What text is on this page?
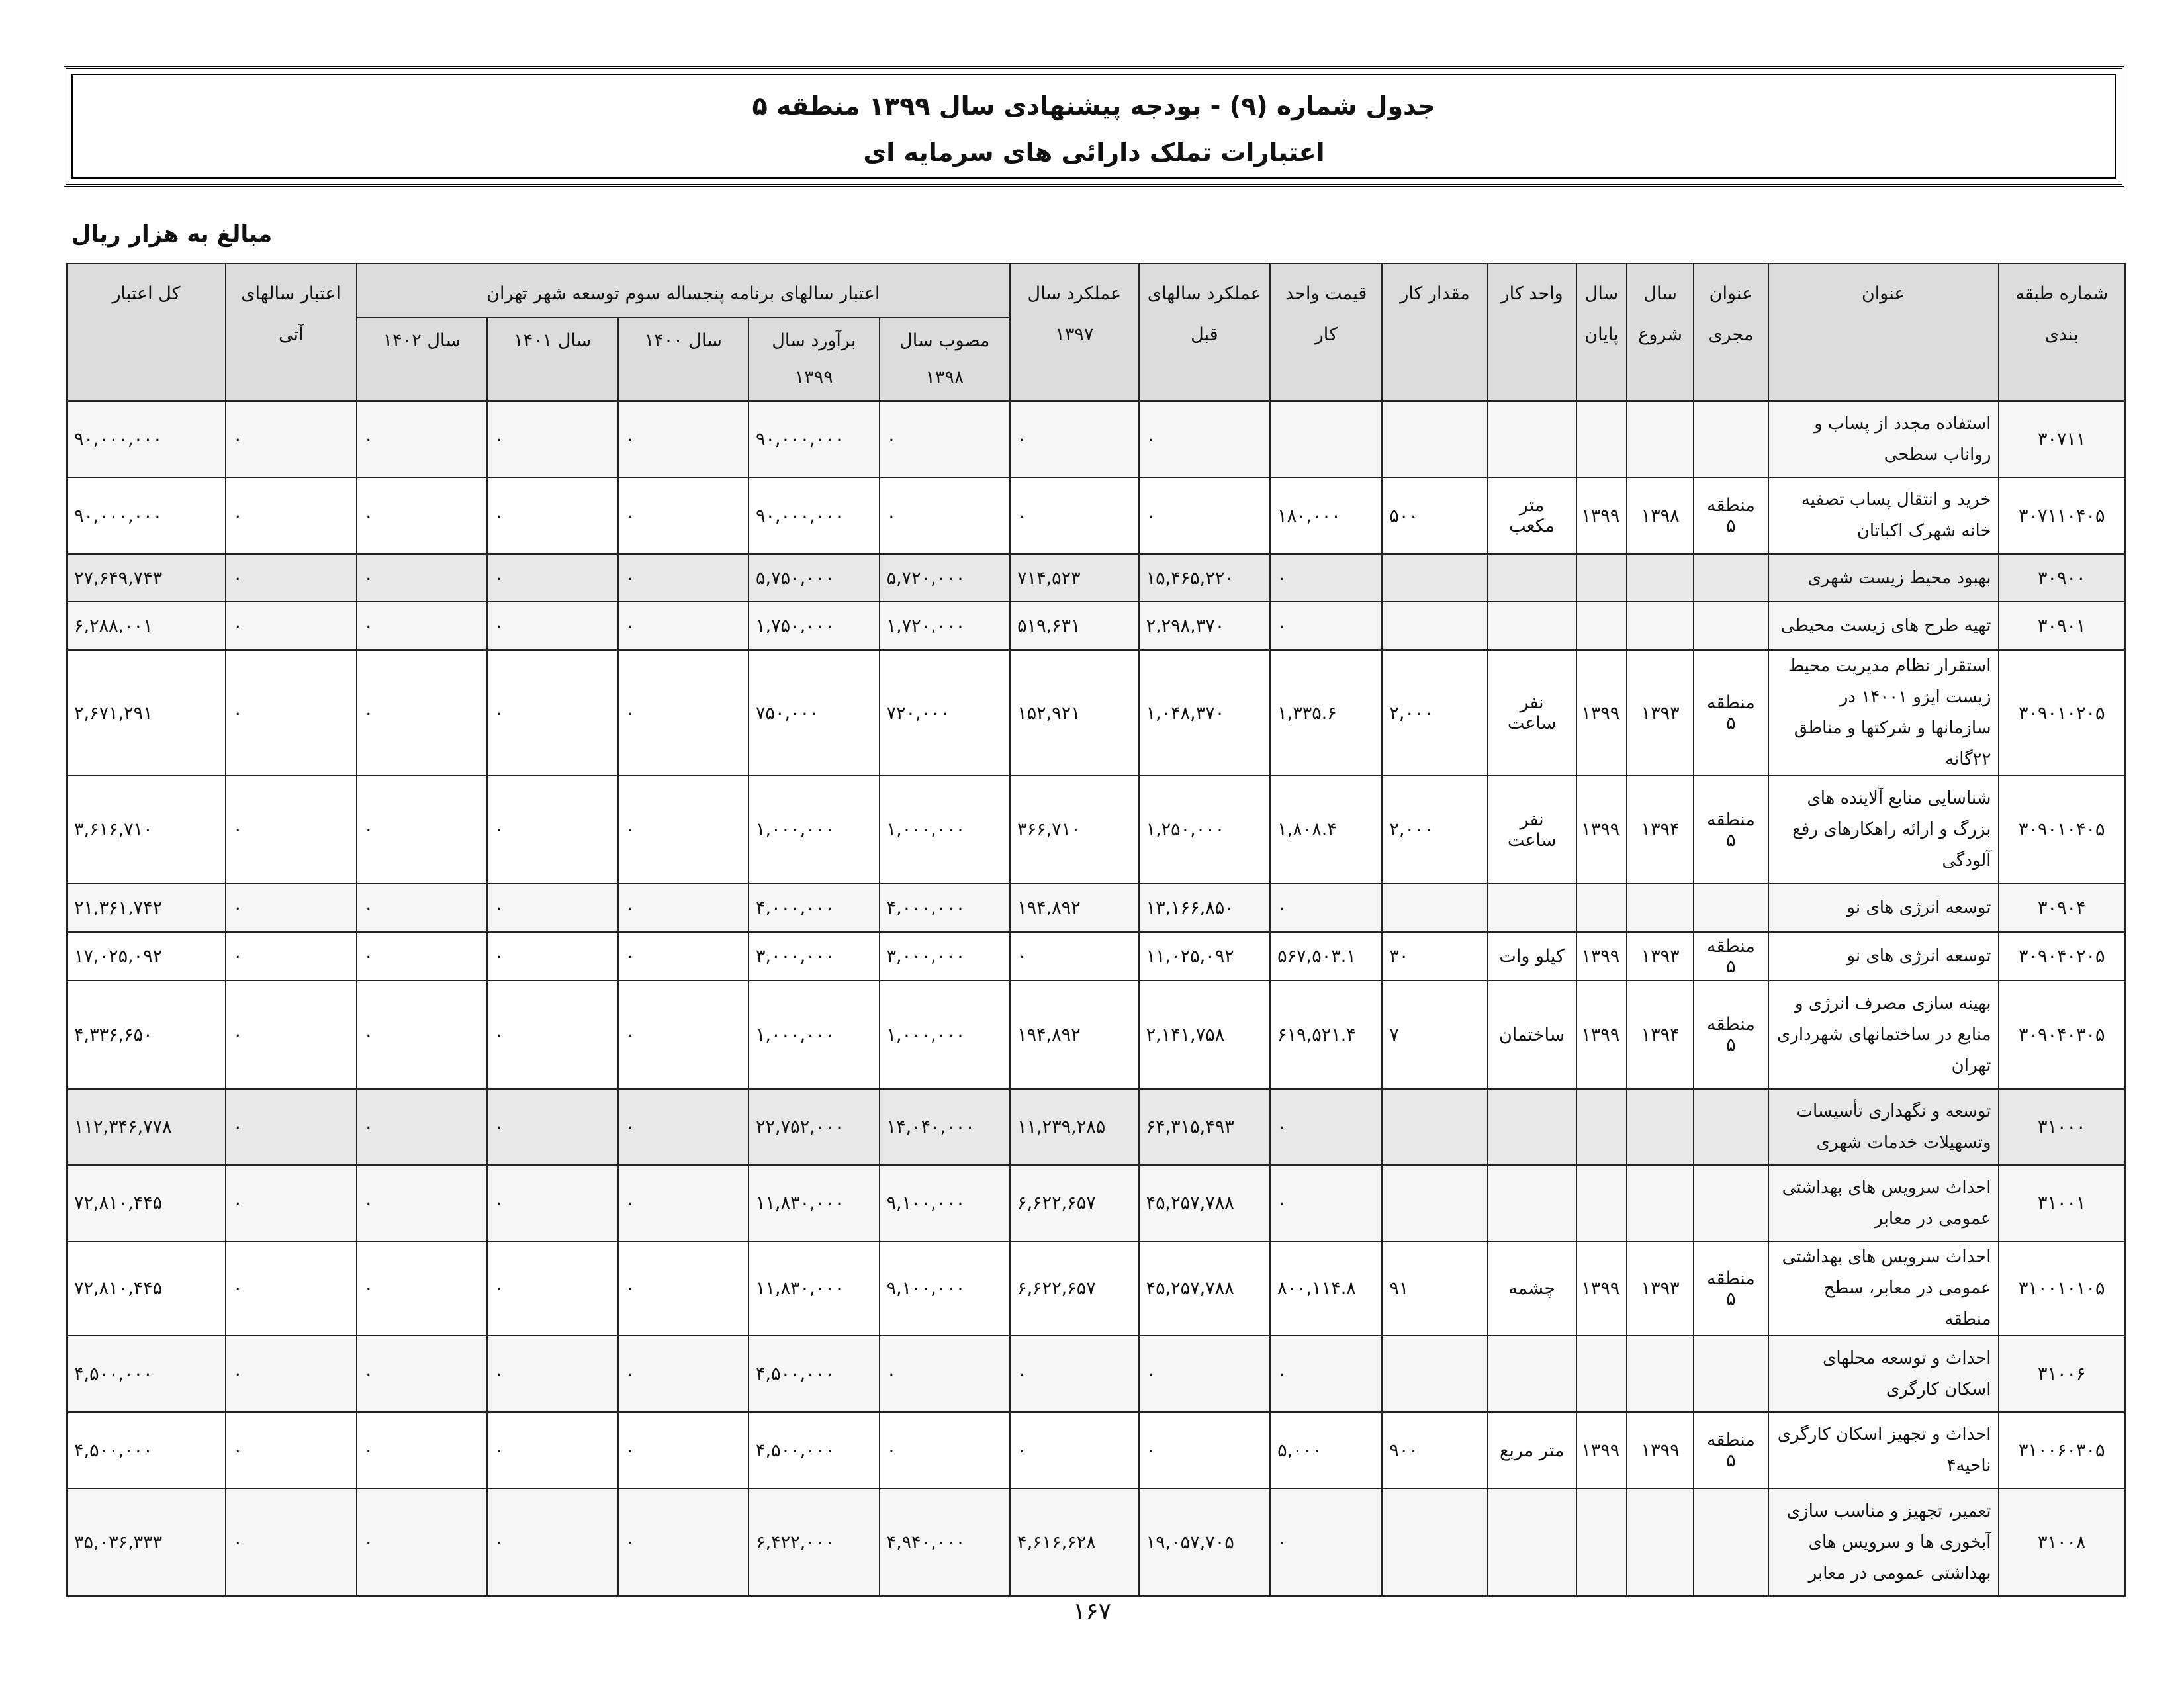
جدول شماره (۹) - بودجه پیشنهادی سال ۱۳۹۹ منطقه ۵
اعتبارات تملک دارائی های سرمایه ای
مبالغ به هزار ریال
شماره طبقه بندی	عنوان	عنوان مجری	سال شروع	سال پایان	واحد کار	مقدار کار	قیمت واحد کار	عملکرد سالهای قبل	عملکرد سال ۱۳۹۷	اعتبار سالهای برنامه پنجساله سوم توسعه شهر تهران					اعتبار سالهای آتی	کل اعتبار
										مصوب سال ۱۳۹۸	برآورد سال ۱۳۹۹	سال ۱۴۰۰	سال ۱۴۰۱	سال ۱۴۰۲		
۳۰۷۱۱	استفاده مجدد از پساب و رواناب سطحی							۰	۰	۰	۹۰,۰۰۰,۰۰۰	۰	۰	۰	۰	۹۰,۰۰۰,۰۰۰
۳۰۷۱۱۰۴۰۵	خرید و انتقال پساب تصفیه خانه شهرک اکباتان	منطقه ۵	۱۳۹۸	۱۳۹۹	متر مکعب	۵۰۰	۱۸۰,۰۰۰	۰	۰	۰	۹۰,۰۰۰,۰۰۰	۰	۰	۰	۰	۹۰,۰۰۰,۰۰۰
۳۰۹۰۰	بهبود محیط زیست شهری						۰	۱۵,۴۶۵,۲۲۰	۷۱۴,۵۲۳	۵,۷۲۰,۰۰۰	۵,۷۵۰,۰۰۰	۰	۰	۰	۰	۲۷,۶۴۹,۷۴۳
۳۰۹۰۱	تهیه طرح های زیست محیطی						۰	۲,۲۹۸,۳۷۰	۵۱۹,۶۳۱	۱,۷۲۰,۰۰۰	۱,۷۵۰,۰۰۰	۰	۰	۰	۰	۶,۲۸۸,۰۰۱
۳۰۹۰۱۰۲۰۵	استقرار نظام مدیریت محیط زیست ایزو ۱۴۰۰۱ در سازمانها و شرکتها و مناطق ۲۲گانه	منطقه ۵	۱۳۹۳	۱۳۹۹	نفر ساعت	۲,۰۰۰	۱,۳۳۵.۶	۱,۰۴۸,۳۷۰	۱۵۲,۹۲۱	۷۲۰,۰۰۰	۷۵۰,۰۰۰	۰	۰	۰	۰	۲,۶۷۱,۲۹۱
۳۰۹۰۱۰۴۰۵	شناسایی منابع آلاینده های بزرگ و ارائه راهکارهای رفع آلودگی	منطقه ۵	۱۳۹۴	۱۳۹۹	نفر ساعت	۲,۰۰۰	۱,۸۰۸.۴	۱,۲۵۰,۰۰۰	۳۶۶,۷۱۰	۱,۰۰۰,۰۰۰	۱,۰۰۰,۰۰۰	۰	۰	۰	۰	۳,۶۱۶,۷۱۰
۳۰۹۰۴	توسعه انرژی های نو						۰	۱۳,۱۶۶,۸۵۰	۱۹۴,۸۹۲	۴,۰۰۰,۰۰۰	۴,۰۰۰,۰۰۰	۰	۰	۰	۰	۲۱,۳۶۱,۷۴۲
۳۰۹۰۴۰۲۰۵	توسعه انرژی های نو	منطقه ۵	۱۳۹۳	۱۳۹۹	کیلو وات	۳۰	۵۶۷,۵۰۳.۱	۱۱,۰۲۵,۰۹۲	۰	۳,۰۰۰,۰۰۰	۳,۰۰۰,۰۰۰	۰	۰	۰	۰	۱۷,۰۲۵,۰۹۲
۳۰۹۰۴۰۳۰۵	بهینه سازی مصرف انرژی و منابع در ساختمانهای شهرداری تهران	منطقه ۵	۱۳۹۴	۱۳۹۹	ساختمان	۷	۶۱۹,۵۲۱.۴	۲,۱۴۱,۷۵۸	۱۹۴,۸۹۲	۱,۰۰۰,۰۰۰	۱,۰۰۰,۰۰۰	۰	۰	۰	۰	۴,۳۳۶,۶۵۰
۳۱۰۰۰	توسعه و نگهداری تأسیسات وتسهیلات خدمات شهری						۰	۶۴,۳۱۵,۴۹۳	۱۱,۲۳۹,۲۸۵	۱۴,۰۴۰,۰۰۰	۲۲,۷۵۲,۰۰۰	۰	۰	۰	۰	۱۱۲,۳۴۶,۷۷۸
۳۱۰۰۱	احداث سرویس های بهداشتی عمومی در معابر						۰	۴۵,۲۵۷,۷۸۸	۶,۶۲۲,۶۵۷	۹,۱۰۰,۰۰۰	۱۱,۸۳۰,۰۰۰	۰	۰	۰	۰	۷۲,۸۱۰,۴۴۵
۳۱۰۰۱۰۱۰۵	احداث سرویس های بهداشتی عمومی در معابر، سطح منطقه	منطقه ۵	۱۳۹۳	۱۳۹۹	چشمه	۹۱	۸۰۰,۱۱۴.۸	۴۵,۲۵۷,۷۸۸	۶,۶۲۲,۶۵۷	۹,۱۰۰,۰۰۰	۱۱,۸۳۰,۰۰۰	۰	۰	۰	۰	۷۲,۸۱۰,۴۴۵
۳۱۰۰۶	احداث و توسعه محلهای اسکان کارگری						۰	۰	۰	۰	۴,۵۰۰,۰۰۰	۰	۰	۰	۰	۴,۵۰۰,۰۰۰
۳۱۰۰۶۰۳۰۵	احداث و تجهیز اسکان کارگری ناحیه۴	منطقه ۵	۱۳۹۹	۱۳۹۹	متر مربع	۹۰۰	۵,۰۰۰	۰	۰	۰	۴,۵۰۰,۰۰۰	۰	۰	۰	۰	۴,۵۰۰,۰۰۰
۳۱۰۰۸	تعمیر، تجهیز و مناسب سازی آبخوری ها و سرویس های بهداشتی عمومی در معابر						۰	۱۹,۰۵۷,۷۰۵	۴,۶۱۶,۶۲۸	۴,۹۴۰,۰۰۰	۶,۴۲۲,۰۰۰	۰	۰	۰	۰	۳۵,۰۳۶,۳۳۳
۱۶۷
